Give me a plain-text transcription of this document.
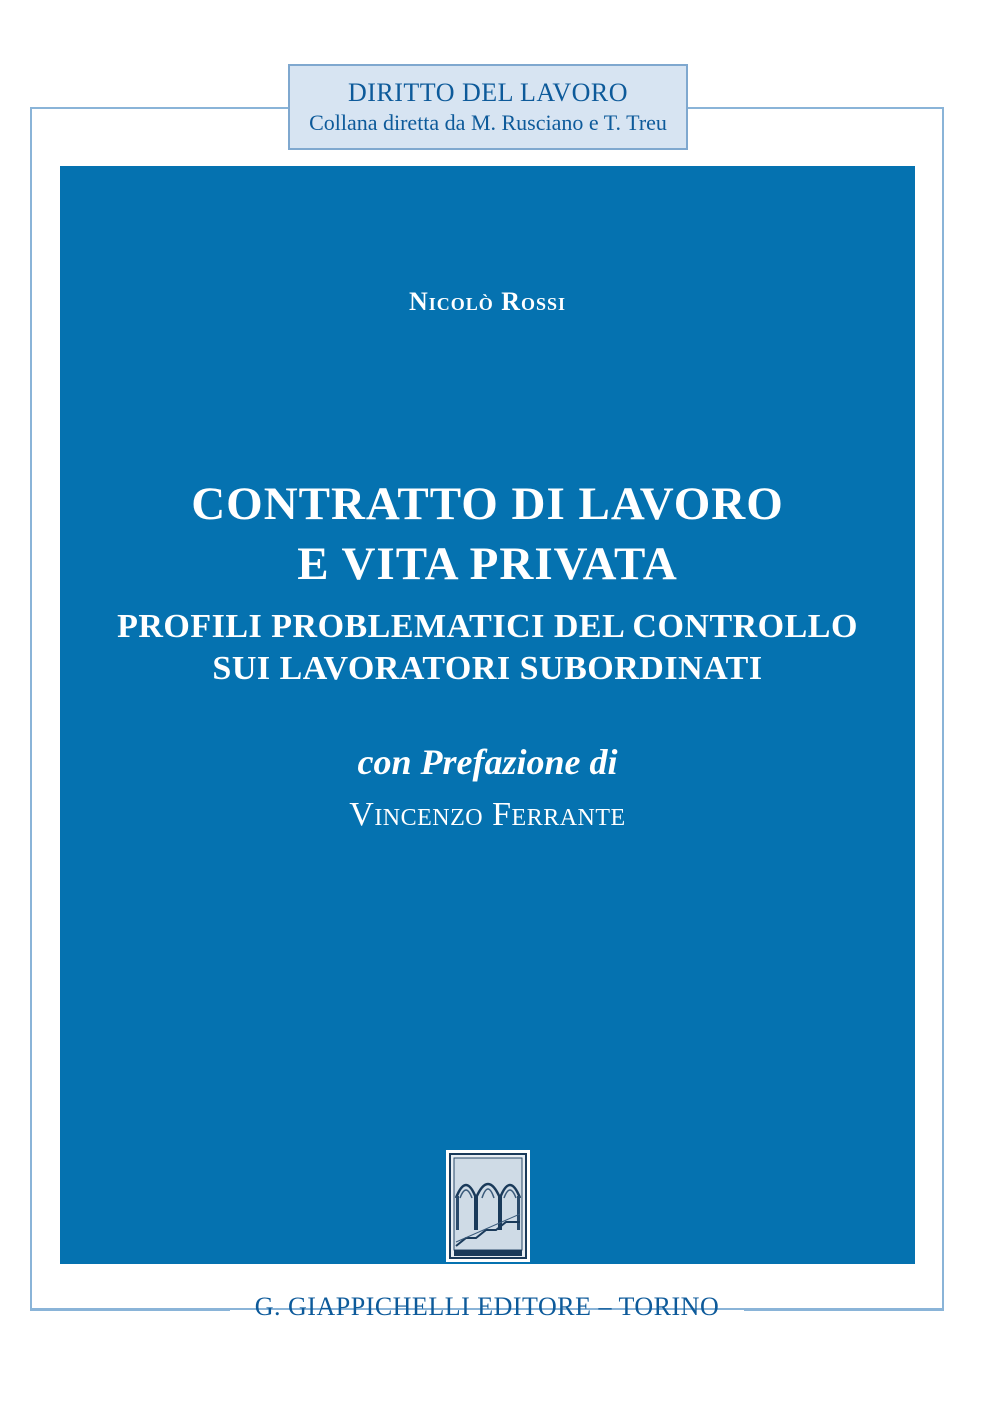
DIRITTO DEL LAVORO
Collana diretta da M. Rusciano e T. Treu
Nicolò Rossi
CONTRATTO DI LAVORO
E VITA PRIVATA
PROFILI PROBLEMATICI DEL CONTROLLO
SUI LAVORATORI SUBORDINATI
con Prefazione di
Vincenzo Ferrante
G. GIAPPICHELLI EDITORE – TORINO
